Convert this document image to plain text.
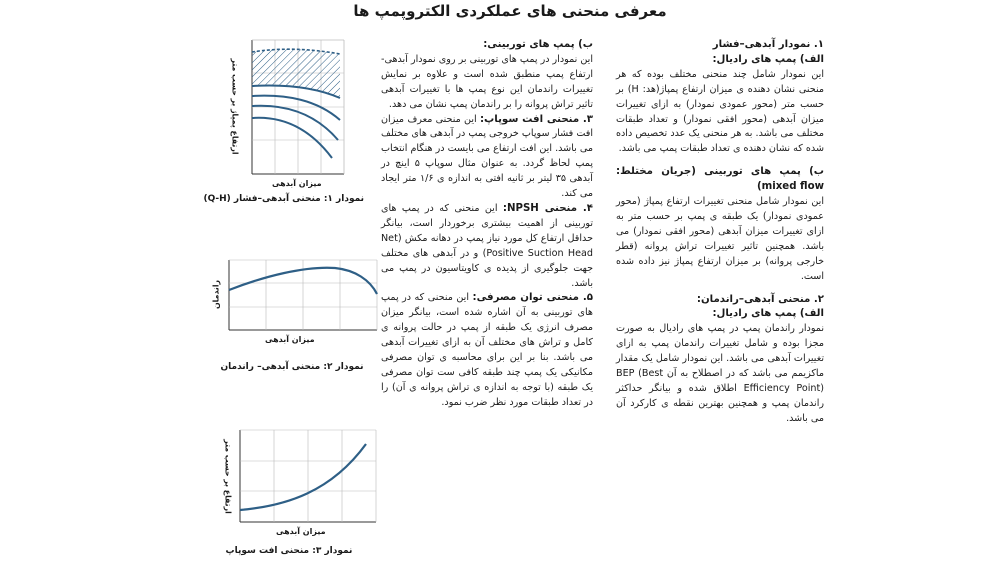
معرفی منحنی های عملکردی الکتروپمپ ها

۱. نمودار آبدهی–فشار

الف) پمپ های رادیال:

این نمودار شامل چند منحنی مختلف بوده که هر منحنی نشان دهنده ی میزان ارتفاع پمپاژ(هد: H) بر حسب متر (محور عمودی نمودار) به ازای تغییرات میزان آبدهی (محور افقی نمودار) و تعداد طبقات مختلف می باشد. به هر منحنی یک عدد تخصیص داده شده که نشان دهنده ی تعداد طبقات پمپ می باشد.

ب) پمپ های توربینی (جریان مختلط: mixed flow)

این نمودار شامل منحنی تغییرات ارتفاع پمپاژ (محور عمودی نمودار) یک طبقه ی پمپ بر حسب متر به ازای تغییرات میزان آبدهی (محور افقی نمودار) می باشد. همچنین تاثیر تغییرات تراش پروانه (قطر خارجی پروانه) بر میزان ارتفاع پمپاژ نیز داده شده است.

۲. منحنی آبدهی–راندمان:

الف) پمپ های رادیال:

نمودار راندمان پمپ در پمپ های رادیال به صورت مجزا بوده و شامل تغییرات راندمان پمپ به ازای تغییرات آبدهی می باشد. این نمودار شامل یک مقدار ماکزیمم می باشد که در اصطلاح به آن BEP (Best Efficiency Point) اطلاق شده و بیانگر حداکثر راندمان پمپ و همچنین بهترین نقطه ی کارکرد آن می باشد.

ب) پمپ های توربینی:

این نمودار در پمپ های توربینی بر روی نمودار آبدهی- ارتفاع پمپ منطبق شده است و علاوه بر نمایش تغییرات راندمان این نوع پمپ ها با تغییرات آبدهی تاثیر تراش پروانه را بر راندمان پمپ نشان می دهد.

۳. منحنی افت سوپاپ: این منحنی معرف میزان افت فشار سوپاپ خروجی پمپ در آبدهی های مختلف می باشد. این افت ارتفاع می بایست در هنگام انتخاب پمپ لحاظ گردد. به عنوان مثال سوپاپ ۵ اینچ در آبدهی ۳۵ لیتر بر ثانیه افتی به اندازه ی ۱/۶ متر ایجاد می کند.

۴. منحنی NPSH: این منحنی که در پمپ های توربینی از اهمیت بیشتری برخوردار است، بیانگر حداقل ارتفاع کل مورد نیاز پمپ در دهانه مکش (Net Positive Suction Head) و در آبدهی های مختلف جهت جلوگیری از پدیده ی کاویتاسیون در پمپ می باشد.

۵. منحنی توان مصرفی: این منحنی که در پمپ های توربینی به آن اشاره شده است، بیانگر میزان مصرف انرژی یک طبقه از پمپ در حالت پروانه ی کامل و تراش های مختلف آن به ازای تغییرات آبدهی می باشد. بنا بر این برای محاسبه ی توان مصرفی مکانیکی یک پمپ چند طبقه کافی ست توان مصرفی یک طبقه (با توجه به اندازه ی تراش پروانه ی آن) را در تعداد طبقات مورد نظر ضرب نمود.

ارتفاع پمپاژ بر حسب متر
میزان آبدهی
نمودار ۱: منحنی آبدهی–فشار (Q-H)
راندمان
میزان آبدهی
نمودار ۲: منحنی آبدهی– راندمان
ارتفاع بر حسب متر
میزان آبدهی
نمودار ۳: منحنی افت سوپاپ
